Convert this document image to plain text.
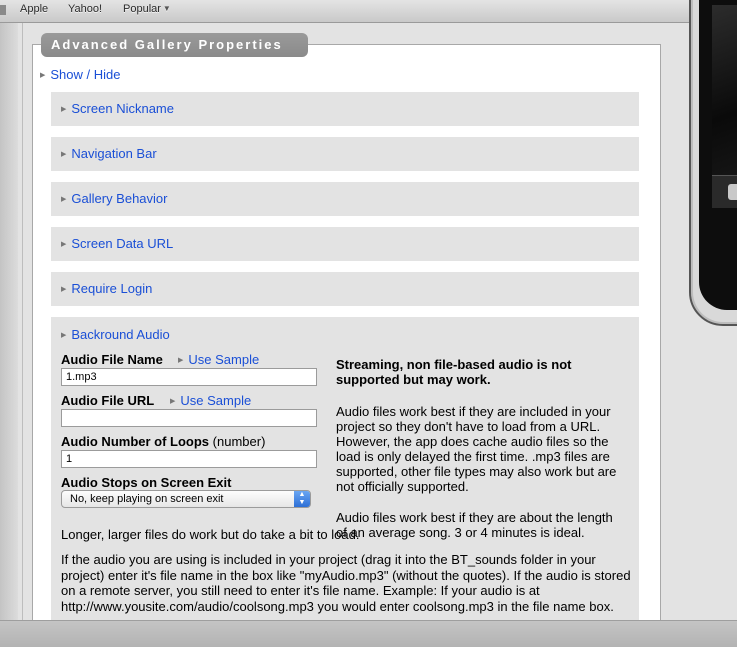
Apple Yahoo! Popular ▼
Advanced Gallery Properties
▶ Show / Hide
▶ Screen Nickname
▶ Navigation Bar
▶ Gallery Behavior
▶ Screen Data URL
▶ Require Login
▶ Backround Audio
Audio File Name ▶ Use Sample
1.mp3
Audio File URL ▶ Use Sample
Audio Number of Loops (number)
1
Audio Stops on Screen Exit
No, keep playing on screen exit	▲
▼

Streaming, non file-based audio is not supported but may work.

Audio files work best if they are included in your project so they don't have to load from a URL. However, the app does cache audio files so the load is only delayed the first time. .mp3 files are supported, other file types may also work but are not officially supported.

Audio files work best if they are about the length of an average song. 3 or 4 minutes is ideal.

Longer, larger files do work but do take a bit to load.
If the audio you are using is included in your project (drag it into the BT_sounds folder in your project) enter it's file name in the box like "myAudio.mp3" (without the quotes). If the audio is stored on a remote server, you still need to enter it's file name. Example: If your audio is at http://www.yousite.com/audio/coolsong.mp3 you would enter coolsong.mp3 in the file name box.
